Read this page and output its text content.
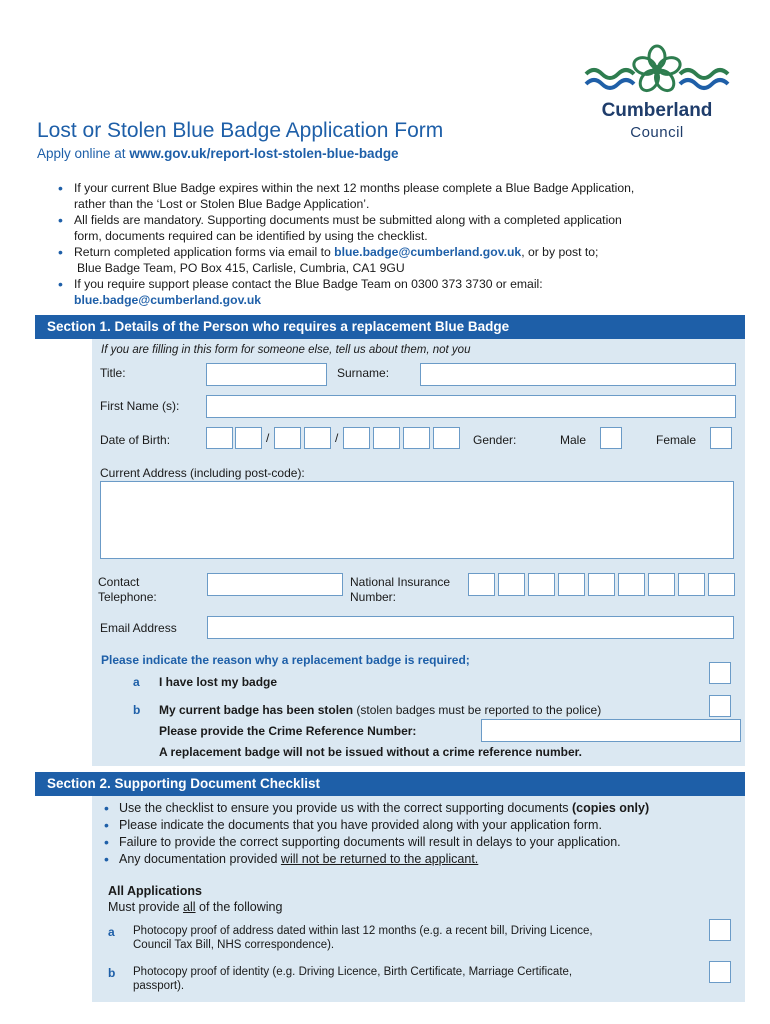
Cumberland
Council
Lost or Stolen Blue Badge Application Form
Apply online at www.gov.uk/report-lost-stolen-blue-badge
• If your current Blue Badge expires within the next 12 months please complete a Blue Badge Application,
rather than the ‘Lost or Stolen Blue Badge Application’.
• All fields are mandatory. Supporting documents must be submitted along with a completed application
form, documents required can be identified by using the checklist.
• Return completed application forms via email to blue.badge@cumberland.gov.uk, or by post to;

Blue Badge Team, PO Box 415, Carlisle, Cumbria, CA1 9GU
• If you require support please contact the Blue Badge Team on 0300 373 3730 or email:
blue.badge@cumberland.gov.uk
Section 1. Details of the Person who requires a replacement Blue Badge
If you are filling in this form for someone else, tell us about them, not you
Title:	Surname:
First Name (s):
Date of Birth:	/	/	Gender:	Male	Female
Current Address (including post-code):
Contact
Telephone:
National Insurance
Number:
Email Address
Please indicate the reason why a replacement badge is required;
a I have lost my badge
b My current badge has been stolen (stolen badges must be reported to the police)
Please provide the Crime Reference Number:
A replacement badge will not be issued without a crime reference number.
Section 2. Supporting Document Checklist
• Use the checklist to ensure you provide us with the correct supporting documents (copies only)
• Please indicate the documents that you have provided along with your application form.
• Failure to provide the correct supporting documents will result in delays to your application.
• Any documentation provided will not be returned to the applicant.
All Applications
Must provide all of the following
a Photocopy proof of address dated within last 12 months (e.g. a recent bill, Driving Licence,
Council Tax Bill, NHS correspondence).
b Photocopy proof of identity (e.g. Driving Licence, Birth Certificate, Marriage Certificate,
passport).
